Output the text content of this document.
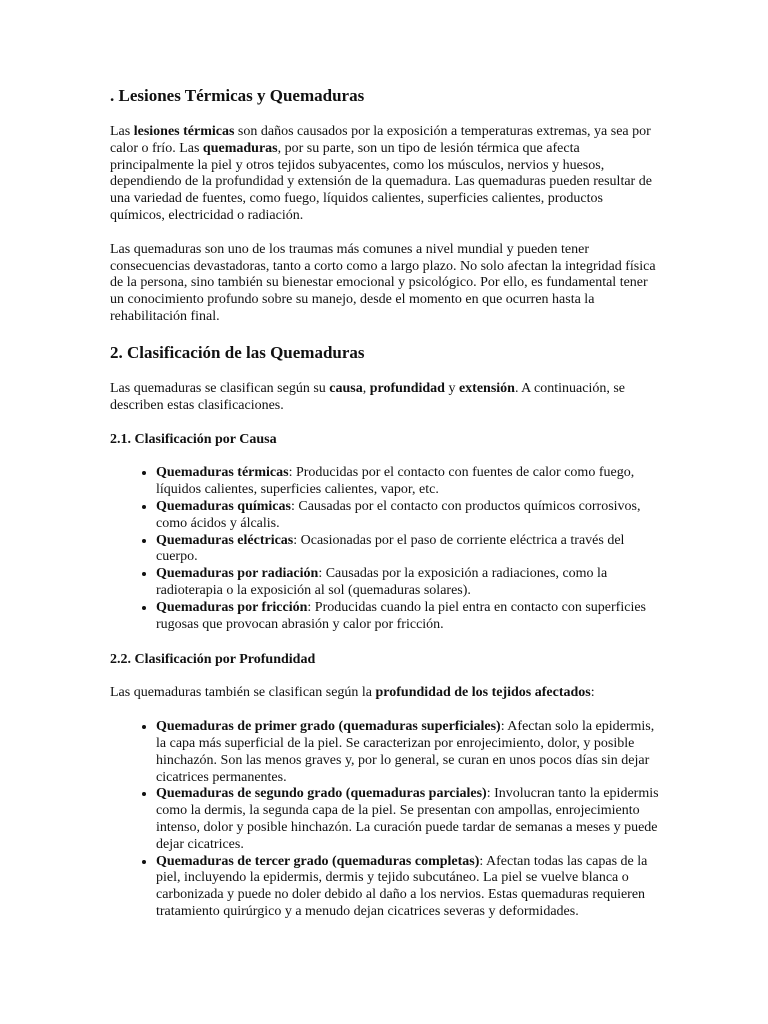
. Lesiones Térmicas y Quemaduras

Las lesiones térmicas son daños causados por la exposición a temperaturas extremas, ya sea por calor o frío. Las quemaduras, por su parte, son un tipo de lesión térmica que afecta principalmente la piel y otros tejidos subyacentes, como los músculos, nervios y huesos, dependiendo de la profundidad y extensión de la quemadura. Las quemaduras pueden resultar de una variedad de fuentes, como fuego, líquidos calientes, superficies calientes, productos químicos, electricidad o radiación.

Las quemaduras son uno de los traumas más comunes a nivel mundial y pueden tener consecuencias devastadoras, tanto a corto como a largo plazo. No solo afectan la integridad física de la persona, sino también su bienestar emocional y psicológico. Por ello, es fundamental tener un conocimiento profundo sobre su manejo, desde el momento en que ocurren hasta la rehabilitación final.

2. Clasificación de las Quemaduras

Las quemaduras se clasifican según su causa, profundidad y extensión. A continuación, se describen estas clasificaciones.

2.1. Clasificación por Causa
• Quemaduras térmicas: Producidas por el contacto con fuentes de calor como fuego, líquidos calientes, superficies calientes, vapor, etc.
• Quemaduras químicas: Causadas por el contacto con productos químicos corrosivos, como ácidos y álcalis.
• Quemaduras eléctricas: Ocasionadas por el paso de corriente eléctrica a través del cuerpo.
• Quemaduras por radiación: Causadas por la exposición a radiaciones, como la radioterapia o la exposición al sol (quemaduras solares).
• Quemaduras por fricción: Producidas cuando la piel entra en contacto con superficies rugosas que provocan abrasión y calor por fricción.
2.2. Clasificación por Profundidad

Las quemaduras también se clasifican según la profundidad de los tejidos afectados:

• Quemaduras de primer grado (quemaduras superficiales): Afectan solo la epidermis, la capa más superficial de la piel. Se caracterizan por enrojecimiento, dolor, y posible hinchazón. Son las menos graves y, por lo general, se curan en unos pocos días sin dejar cicatrices permanentes.
• Quemaduras de segundo grado (quemaduras parciales): Involucran tanto la epidermis como la dermis, la segunda capa de la piel. Se presentan con ampollas, enrojecimiento intenso, dolor y posible hinchazón. La curación puede tardar de semanas a meses y puede dejar cicatrices.
• Quemaduras de tercer grado (quemaduras completas): Afectan todas las capas de la piel, incluyendo la epidermis, dermis y tejido subcutáneo. La piel se vuelve blanca o carbonizada y puede no doler debido al daño a los nervios. Estas quemaduras requieren tratamiento quirúrgico y a menudo dejan cicatrices severas y deformidades.
